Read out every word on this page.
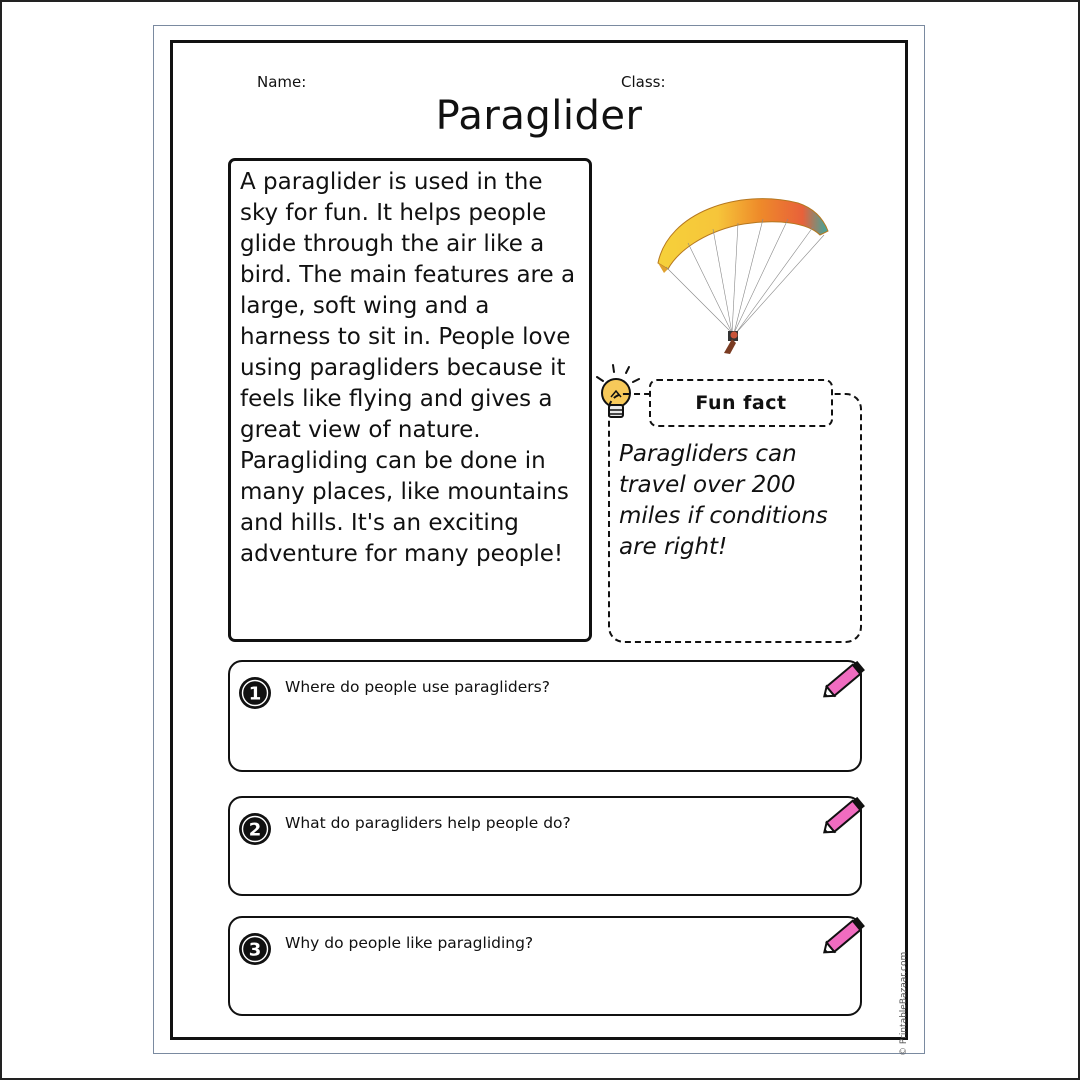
Name:	Class:
Paraglider
A paraglider is used in the sky for fun. It helps people glide through the air like a bird. The main features are a large, soft wing and a harness to sit in. People love using paragliders because it feels like flying and gives a great view of nature. Paragliding can be done in many places, like mountains and hills. It's an exciting adventure for many people!
Fun fact
Paragliders can travel over 200 miles if conditions are right!
1 Where do people use paragliders?
2 What do paragliders help people do?
3 Why do people like paragliding?
© PrintableBazaar.com
